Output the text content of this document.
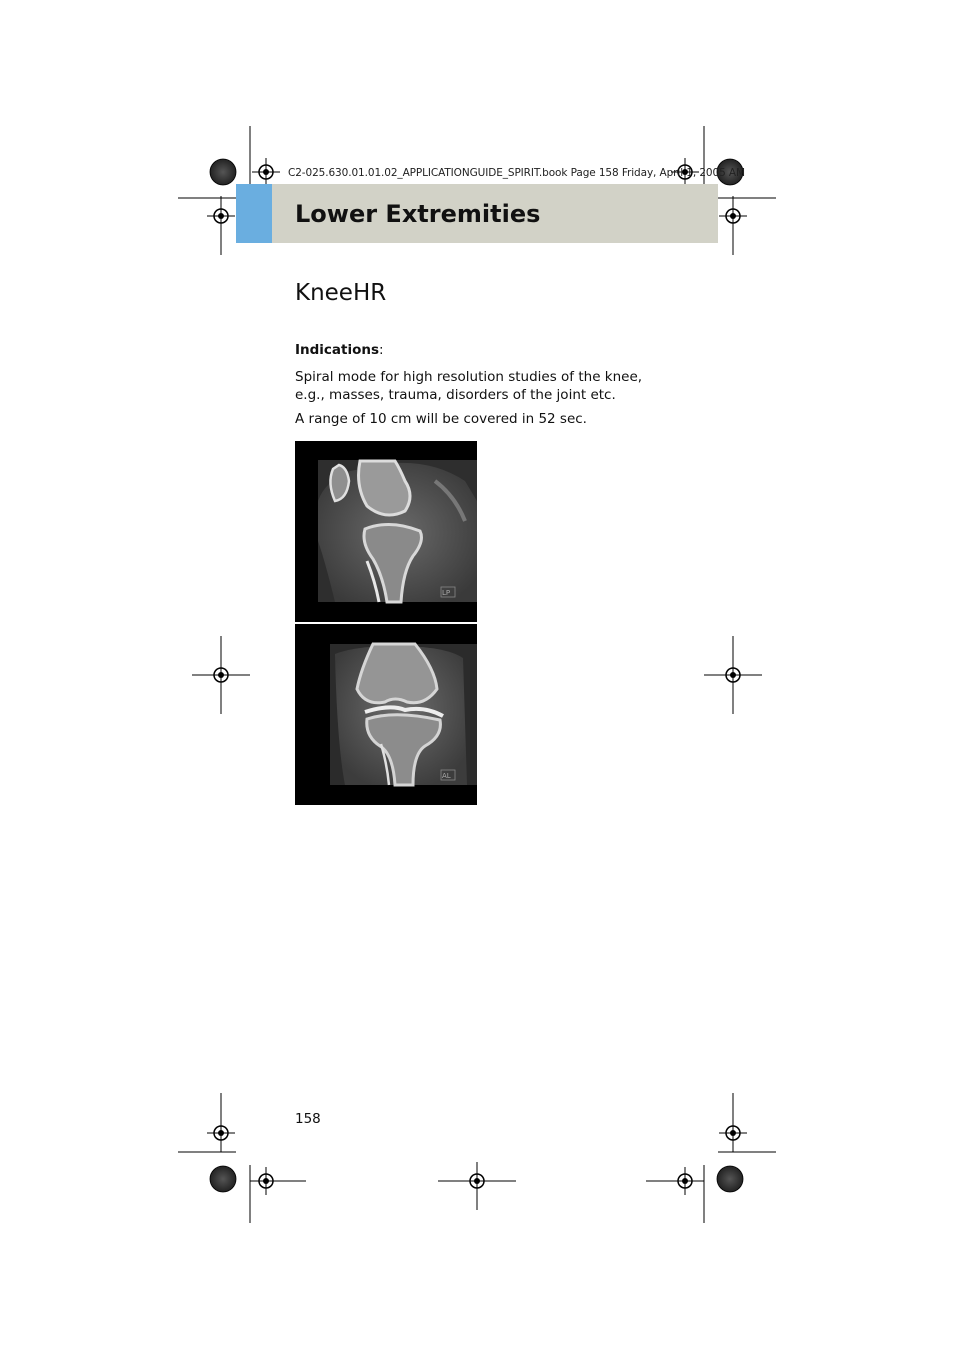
C2-025.630.01.01.02_APPLICATIONGUIDE_SPIRIT.book Page 158 Friday, April 1, 2005 AM
Lower Extremities
KneeHR
Indications:
Spiral mode for high resolution studies of the knee, e.g., masses, trauma, disorders of the joint etc.
A range of 10 cm will be covered in 52 sec.
LP
AL
158
